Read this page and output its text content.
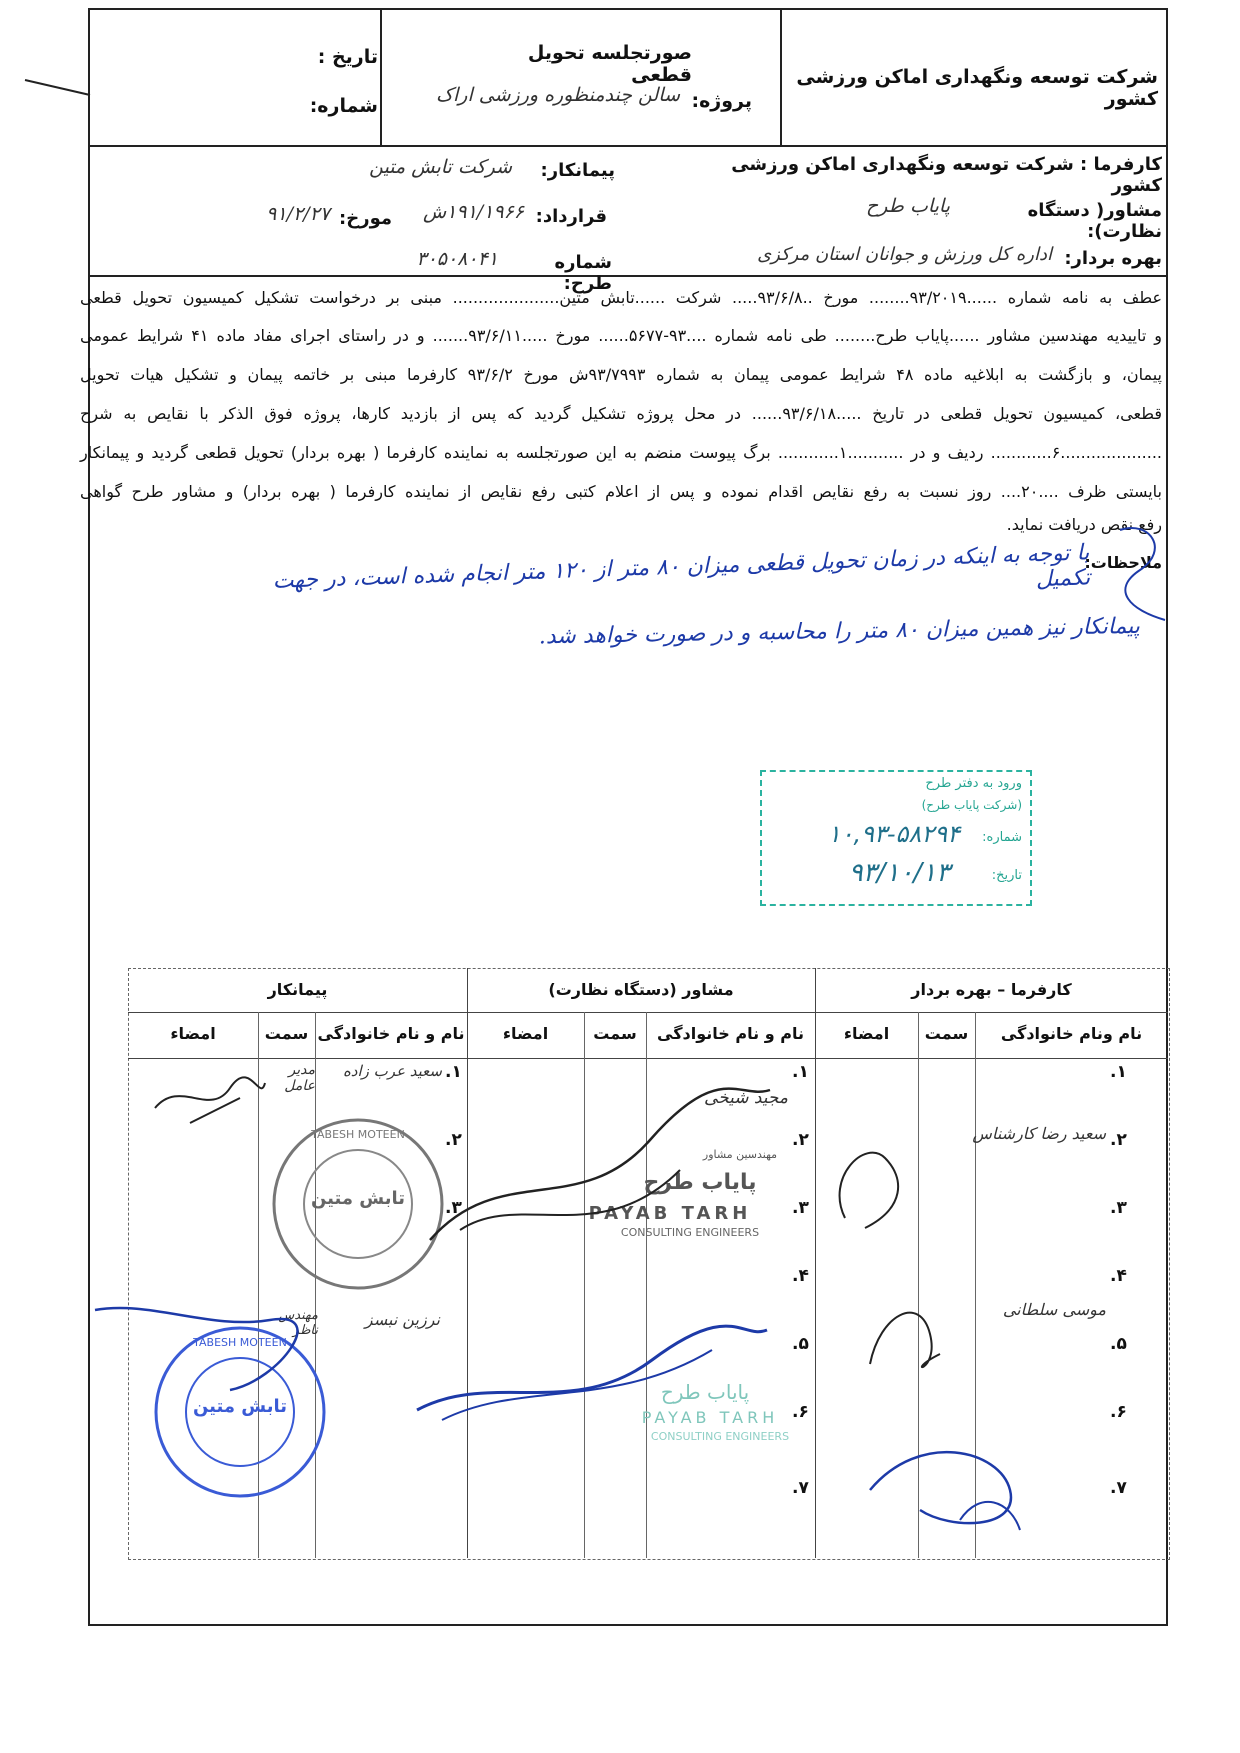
شرکت توسعه ونگهداری اماکن ورزشی کشور
صورتجلسه تحویل قطعی
پروژه:
سالن چندمنظوره ورزشی اراک
تاریخ :
شماره:
کارفرما : شرکت توسعه ونگهداری اماکن ورزشی کشور
پیمانکار:
شرکت تابش متین
مشاور( دستگاه نظارت):
پایاب طرح
قرارداد:
۱۹۱/۱۹۶۶ش
مورخ:
۹۱/۲/۲۷
بهره بردار:
اداره کل ورزش و جوانان استان مرکزی
شماره طرح:
۳۰۵۰۸۰۴۱
عطف به نامه شماره ......۹۳/۲۰۱۹........ مورخ ..۹۳/۶/۸..... شرکت ......تابش متین..................... مبنی بر درخواست تشکیل کمیسیون تحویل قطعی
و تاییدیه مهندسین مشاور ......پایاب طرح........ طی نامه شماره ....۹۳-۵۶۷۷...... مورخ .....۹۳/۶/۱۱....... و در راستای اجرای مفاد ماده ۴۱ شرایط عمومی
پیمان، و بازگشت به ابلاغیه ماده ۴۸ شرایط عمومی پیمان به شماره ۹۳/۷۹۹۳ش مورخ ۹۳/۶/۲ کارفرما مبنی بر خاتمه پیمان و تشکیل هیات تحویل
قطعی، کمیسیون تحویل قطعی در تاریخ .....۹۳/۶/۱۸...... در محل پروژه تشکیل گردید که پس از بازدید کارها، پروژه فوق الذکر با نقایص به شرح
....................۶............ ردیف و در ...........۱............ برگ پیوست منضم به این صورتجلسه به نماینده کارفرما ( بهره بردار) تحویل قطعی گردید و پیمانکار
بایستی ظرف ....۲۰.... روز نسبت به رفع نقایص اقدام نموده و پس از اعلام کتبی رفع نقایص از نماینده کارفرما ( بهره بردار) و مشاور طرح گواهی
رفع نقص دریافت نماید.
ملاحظات:
با توجه به اینکه در زمان تحویل قطعی میزان ۸۰ متر از ۱۲۰ متر انجام شده است، در جهت تکمیل
پیمانکار نیز همین میزان ۸۰ متر را محاسبه و در صورت خواهد شد.
ورود به دفتر طرح
(شرکت پایاب طرح)
شماره:
۱۰,۹۳-۵۸۲۹۴
تاریخ:
۹۳/۱۰/۱۳
کارفرما – بهره بردار
مشاور (دستگاه نظارت)
پیمانکار
نام ونام خانوادگی
سمت
امضاء
نام و نام خانوادگی
سمت
امضاء
نام و نام خانوادگی
سمت
امضاء
۱.
۲.
۳.
۴.
۵.
۶.
۷.
۱.
۲.
۳.
۴.
۵.
۶.
۷.
۱.
۲.
۳.
سعید رضا کارشناس
موسی سلطانی
مجید شیخی
سعید عرب زاده
مدیر عامل
نرزین نبسز
مهندس ناظر
تابش متین
TABESH MOTEEN
تابش متین
TABESH MOTEEN
مهندسین مشاور
پایاب طرح
PAYAB TARH
CONSULTING ENGINEERS
پایاب طرح
PAYAB TARH
CONSULTING ENGINEERS
